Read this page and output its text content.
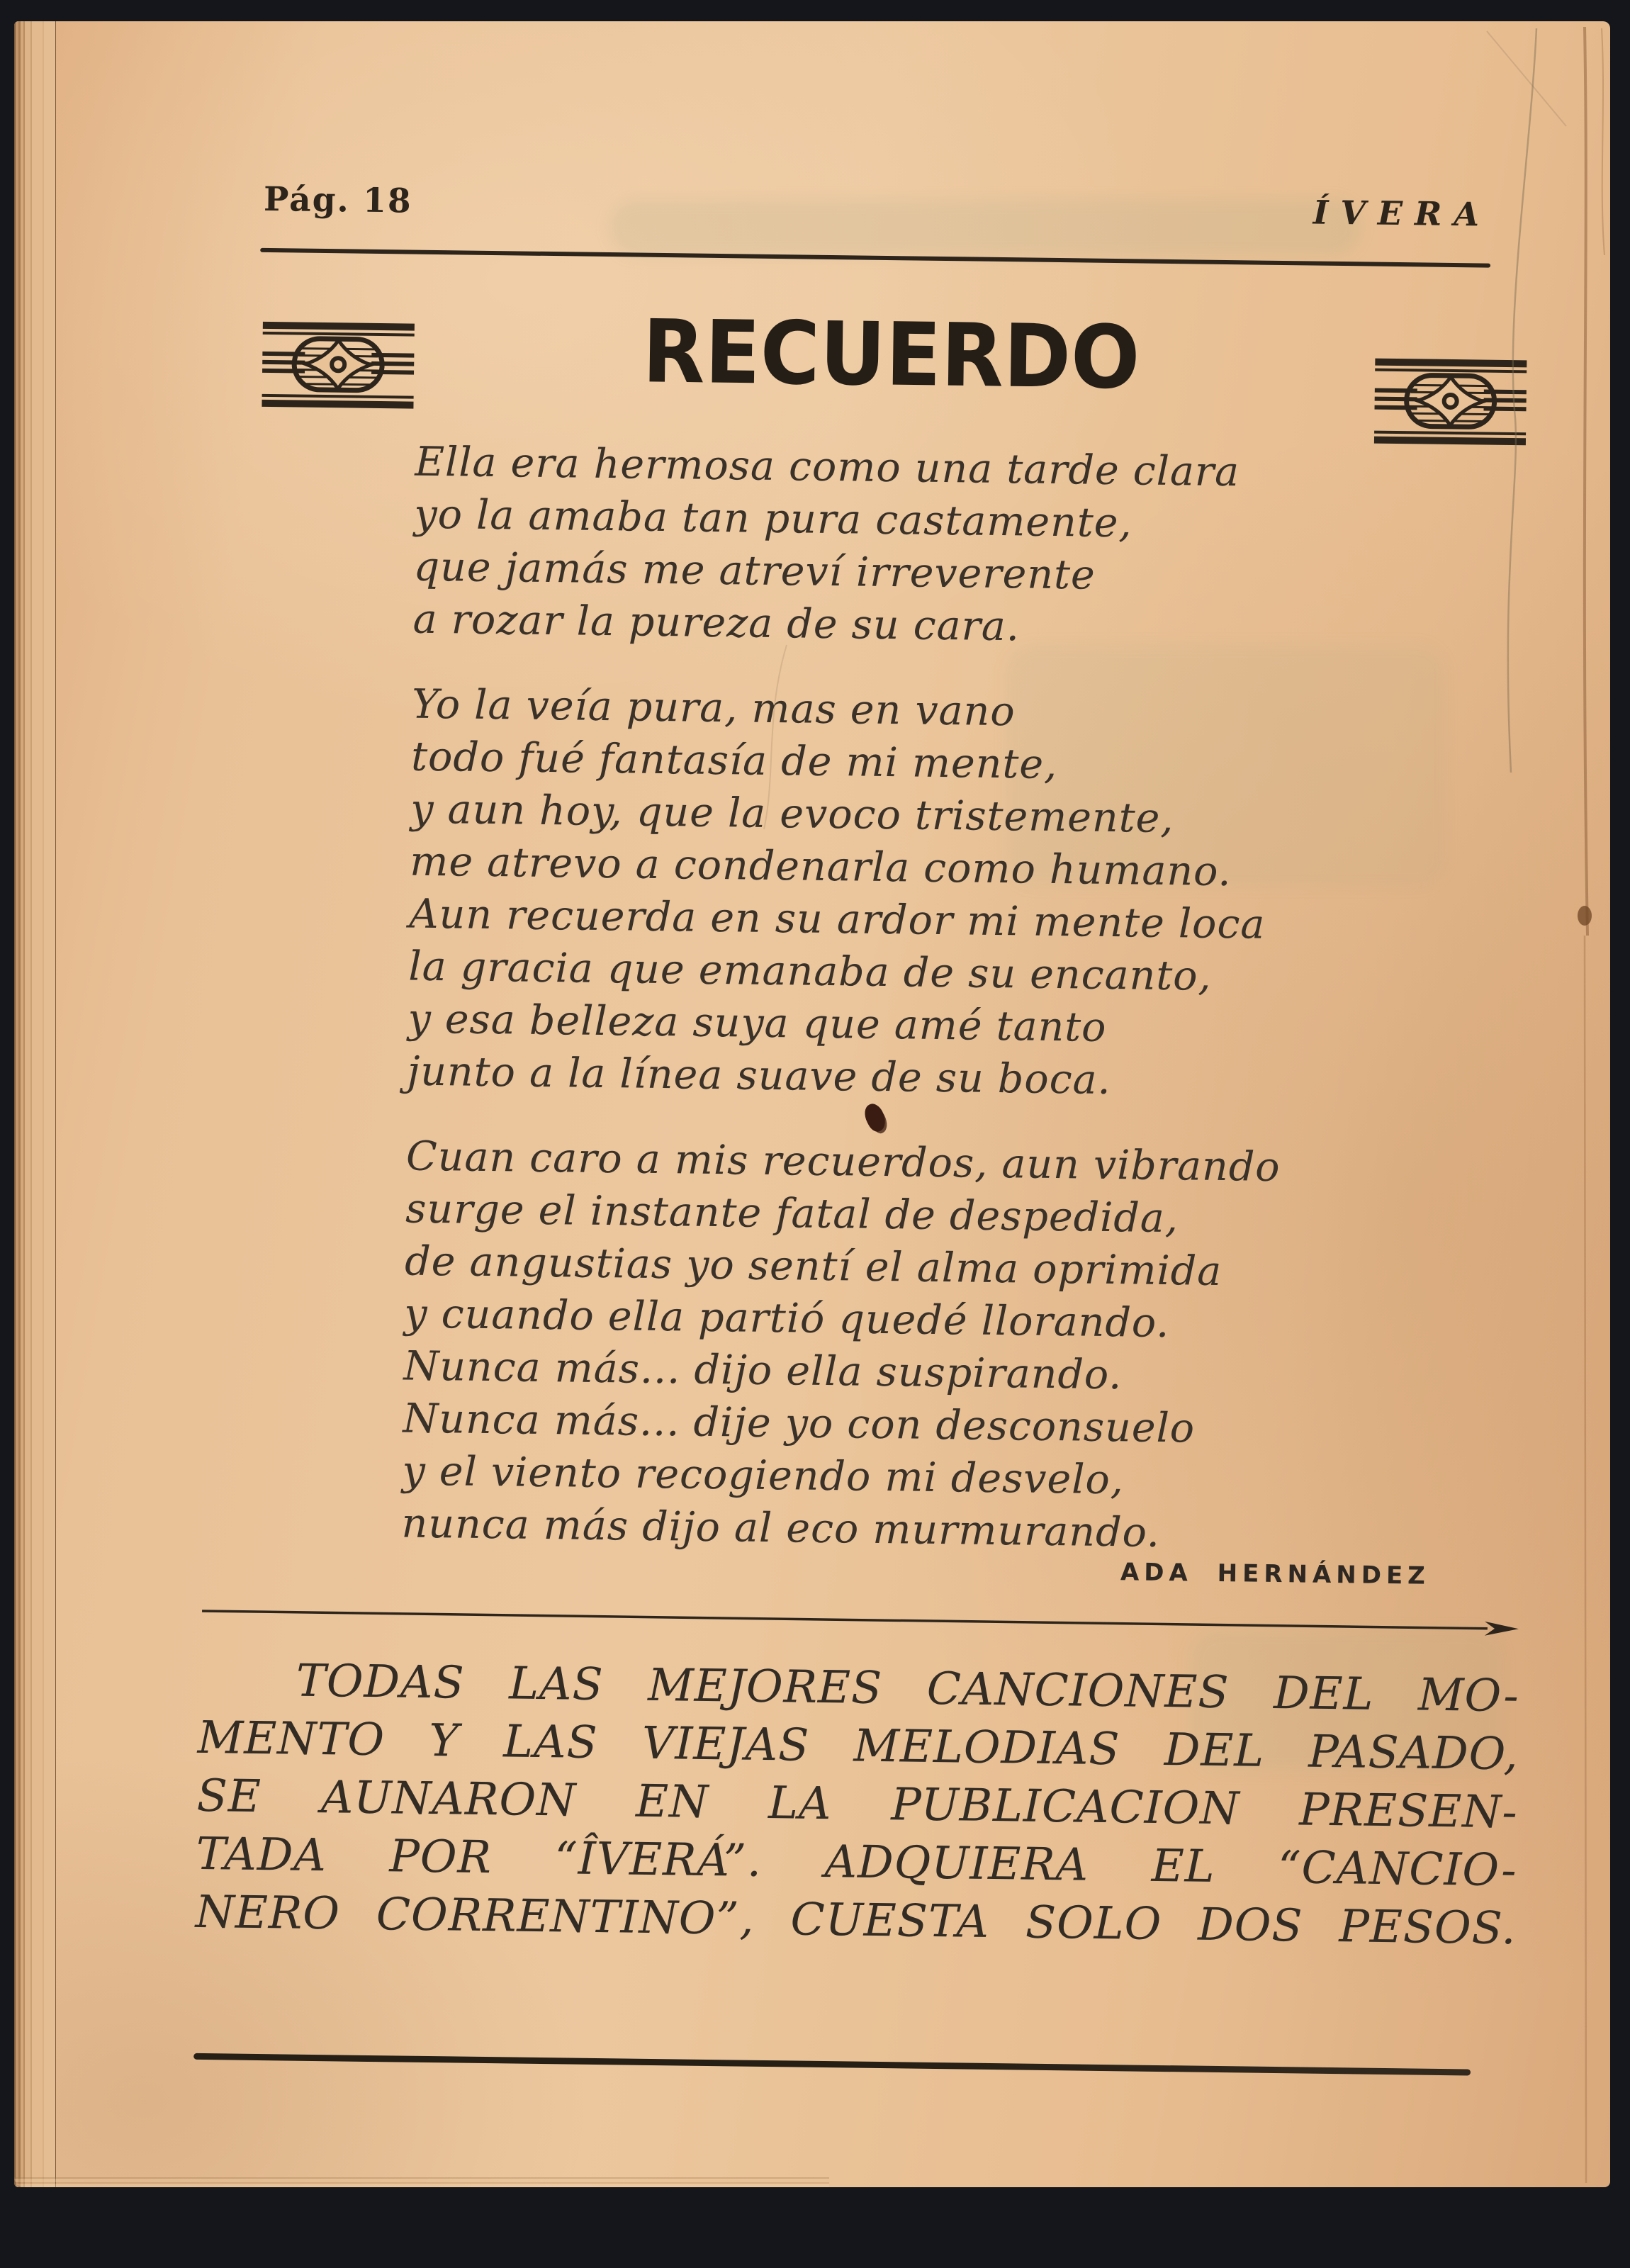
Pág. 18	ÍVERA
RECUERDO
Ella era hermosa como una tarde clara
yo la amaba tan pura castamente,
que jamás me atreví irreverente
a rozar la pureza de su cara.
Yo la veía pura, mas en vano
todo fué fantasía de mi mente,
y aun hoy, que la evoco tristemente,
me atrevo a condenarla como humano.
Aun recuerda en su ardor mi mente loca
la gracia que emanaba de su encanto,
y esa belleza suya que amé tanto
junto a la línea suave de su boca.
Cuan caro a mis recuerdos, aun vibrando
surge el instante fatal de despedida,
de angustias yo sentí el alma oprimida
y cuando ella partió quedé llorando.
Nunca más... dijo ella suspirando.
Nunca más... dije yo con desconsuelo
y el viento recogiendo mi desvelo,
nunca más dijo al eco murmurando.
ADA HERNÁNDEZ
TODAS LAS MEJORES CANCIONES DEL MO-
MENTO Y LAS VIEJAS MELODIAS DEL PASADO,
SE AUNARON EN LA PUBLICACION PRESEN-
TADA POR “ÎVERÁ”. ADQUIERA EL “CANCIO-
NERO CORRENTINO”, CUESTA SOLO DOS PESOS.
